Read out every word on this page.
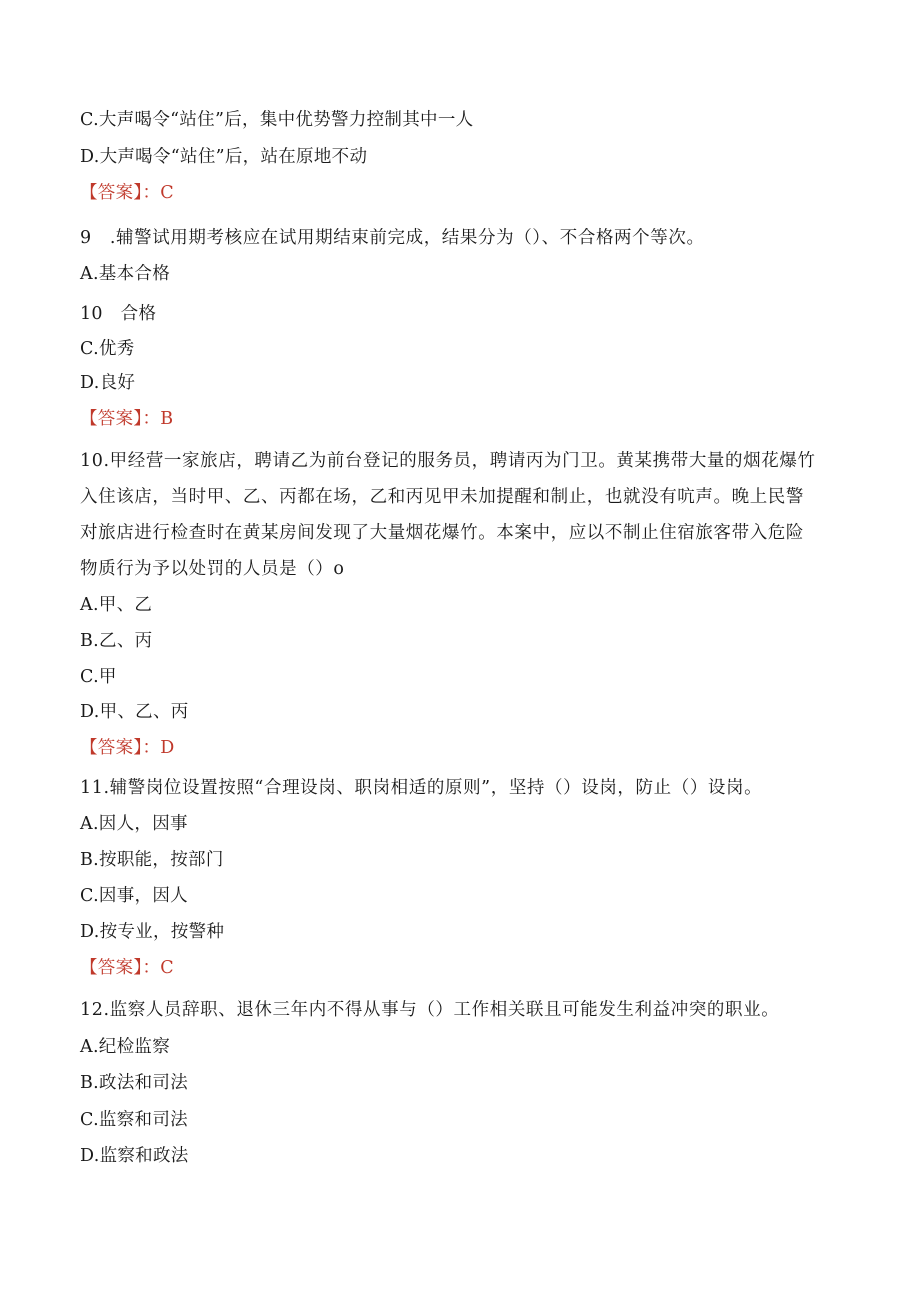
C.大声喝令“站住”后，集中优势警力控制其中一人
D.大声喝令“站住”后，站在原地不动
【答案】：C
9　.辅警试用期考核应在试用期结束前完成，结果分为（）、不合格两个等次。
A.基本合格
10　合格
C.优秀
D.良好
【答案】：B
10.甲经营一家旅店，聘请乙为前台登记的服务员，聘请丙为门卫。黄某携带大量的烟花爆竹
入住该店，当时甲、乙、丙都在场，乙和丙见甲未加提醒和制止，也就没有吭声。晚上民警
对旅店进行检查时在黄某房间发现了大量烟花爆竹。本案中，应以不制止住宿旅客带入危险
物质行为予以处罚的人员是（）o
A.甲、乙
B.乙、丙
C.甲
D.甲、乙、丙
【答案】：D
11.辅警岗位设置按照“合理设岗、职岗相适的原则”，坚持（）设岗，防止（）设岗。
A.因人，因事
B.按职能，按部门
C.因事，因人
D.按专业，按警种
【答案】：C
12.监察人员辞职、退休三年内不得从事与（）工作相关联且可能发生利益冲突的职业。
A.纪检监察
B.政法和司法
C.监察和司法
D.监察和政法
